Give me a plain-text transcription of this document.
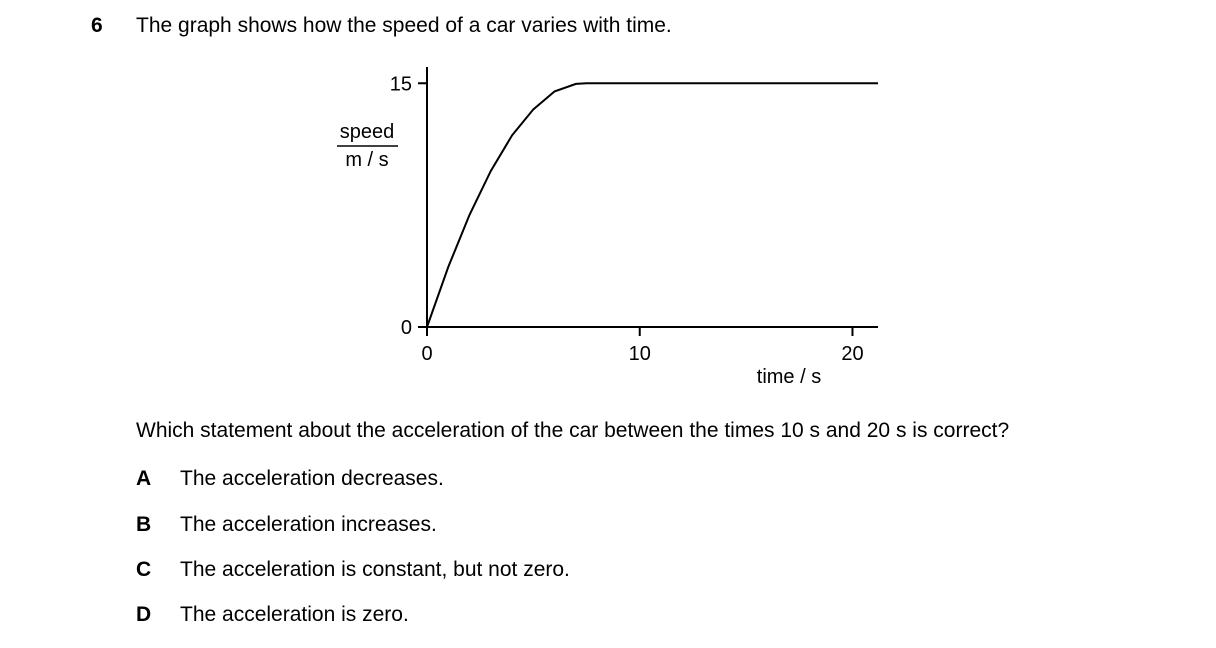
6 The graph shows how the speed of a car varies with time.
0
15
0	10	20
speed
m / s
time / s
Which statement about the acceleration of the car between the times 10 s and 20 s is correct?
A The acceleration decreases.
B The acceleration increases.
C The acceleration is constant, but not zero.
D The acceleration is zero.
